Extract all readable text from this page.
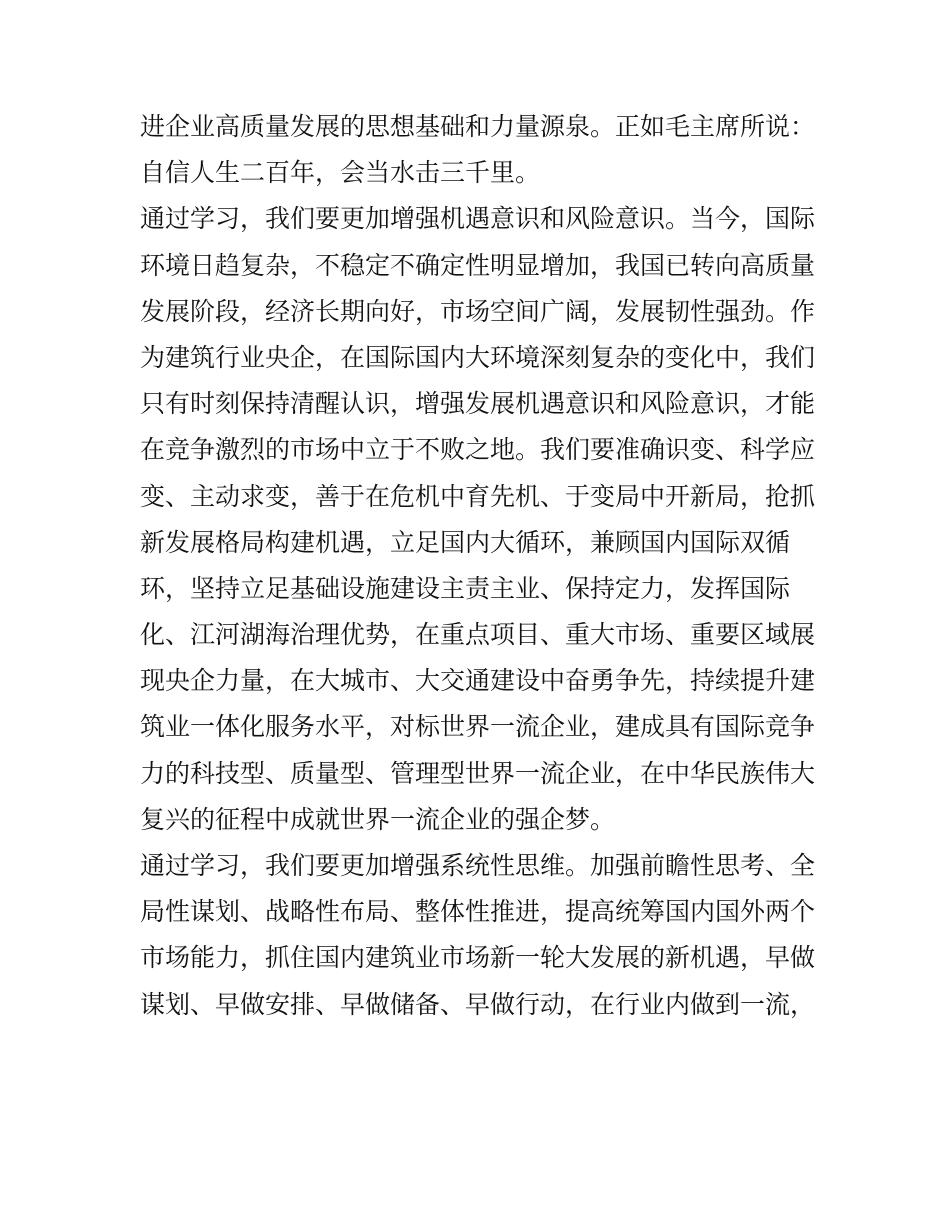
进企业高质量发展的思想基础和力量源泉。正如毛主席所说：
自信人生二百年，会当水击三千里。
通过学习，我们要更加增强机遇意识和风险意识。当今，国际
环境日趋复杂，不稳定不确定性明显增加，我国已转向高质量
发展阶段，经济长期向好，市场空间广阔，发展韧性强劲。作
为建筑行业央企，在国际国内大环境深刻复杂的变化中，我们
只有时刻保持清醒认识，增强发展机遇意识和风险意识，才能
在竞争激烈的市场中立于不败之地。我们要准确识变、科学应
变、主动求变，善于在危机中育先机、于变局中开新局，抢抓
新发展格局构建机遇，立足国内大循环，兼顾国内国际双循
环，坚持立足基础设施建设主责主业、保持定力，发挥国际
化、江河湖海治理优势，在重点项目、重大市场、重要区域展
现央企力量，在大城市、大交通建设中奋勇争先，持续提升建
筑业一体化服务水平，对标世界一流企业，建成具有国际竞争
力的科技型、质量型、管理型世界一流企业，在中华民族伟大
复兴的征程中成就世界一流企业的强企梦。
通过学习，我们要更加增强系统性思维。加强前瞻性思考、全
局性谋划、战略性布局、整体性推进，提高统筹国内国外两个
市场能力，抓住国内建筑业市场新一轮大发展的新机遇，早做
谋划、早做安排、早做储备、早做行动，在行业内做到一流，
